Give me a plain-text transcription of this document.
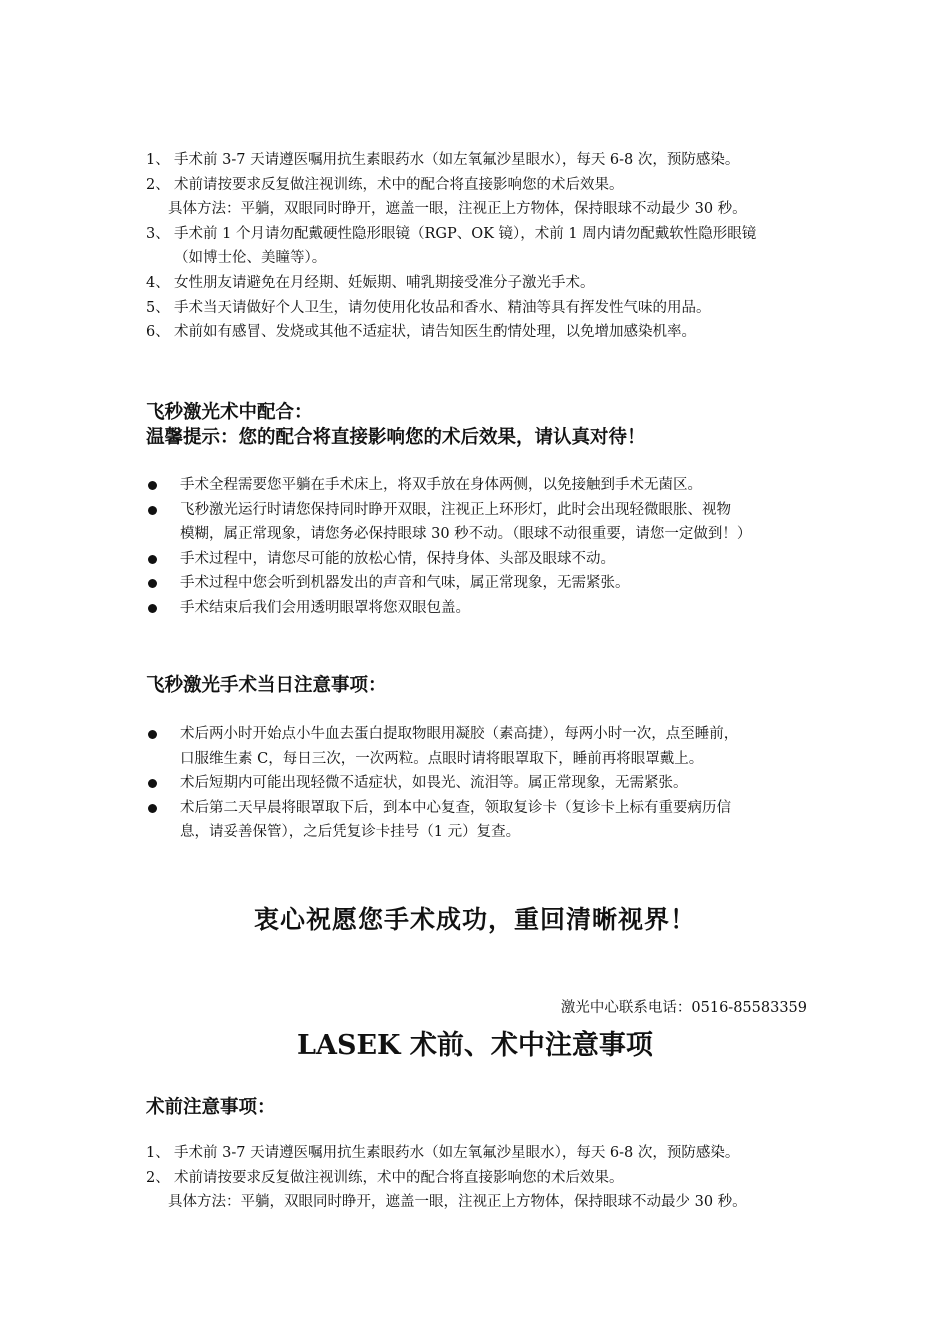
1、 手术前 3-7 天请遵医嘱用抗生素眼药水（如左氧氟沙星眼水），每天 6-8 次，预防感染。
2、 术前请按要求反复做注视训练，术中的配合将直接影响您的术后效果。
具体方法：平躺，双眼同时睁开，遮盖一眼，注视正上方物体，保持眼球不动最少 30 秒。
3、 手术前 1 个月请勿配戴硬性隐形眼镜（RGP、OK 镜），术前 1 周内请勿配戴软性隐形眼镜
（如博士伦、美瞳等）。
4、 女性朋友请避免在月经期、妊娠期、哺乳期接受准分子激光手术。
5、 手术当天请做好个人卫生，请勿使用化妆品和香水、精油等具有挥发性气味的用品。
6、 术前如有感冒、发烧或其他不适症状，请告知医生酌情处理，以免增加感染机率。
飞秒激光术中配合：
温馨提示：您的配合将直接影响您的术后效果，请认真对待！
手术全程需要您平躺在手术床上，将双手放在身体两侧，以免接触到手术无菌区。
飞秒激光运行时请您保持同时睁开双眼，注视正上环形灯，此时会出现轻微眼胀、视物
模糊，属正常现象，请您务必保持眼球 30 秒不动。（眼球不动很重要，请您一定做到！）
手术过程中，请您尽可能的放松心情，保持身体、头部及眼球不动。
手术过程中您会听到机器发出的声音和气味，属正常现象，无需紧张。
手术结束后我们会用透明眼罩将您双眼包盖。
飞秒激光手术当日注意事项：
术后两小时开始点小牛血去蛋白提取物眼用凝胶（素高捷），每两小时一次，点至睡前，
口服维生素 C，每日三次，一次两粒。点眼时请将眼罩取下，睡前再将眼罩戴上。
术后短期内可能出现轻微不适症状，如畏光、流泪等。属正常现象，无需紧张。
术后第二天早晨将眼罩取下后，到本中心复查，领取复诊卡（复诊卡上标有重要病历信
息，请妥善保管），之后凭复诊卡挂号（1 元）复查。
衷心祝愿您手术成功，重回清晰视界！
激光中心联系电话：0516-85583359
LASEK 术前、术中注意事项
术前注意事项：
1、 手术前 3-7 天请遵医嘱用抗生素眼药水（如左氧氟沙星眼水），每天 6-8 次，预防感染。
2、 术前请按要求反复做注视训练，术中的配合将直接影响您的术后效果。
具体方法：平躺，双眼同时睁开，遮盖一眼，注视正上方物体，保持眼球不动最少 30 秒。
